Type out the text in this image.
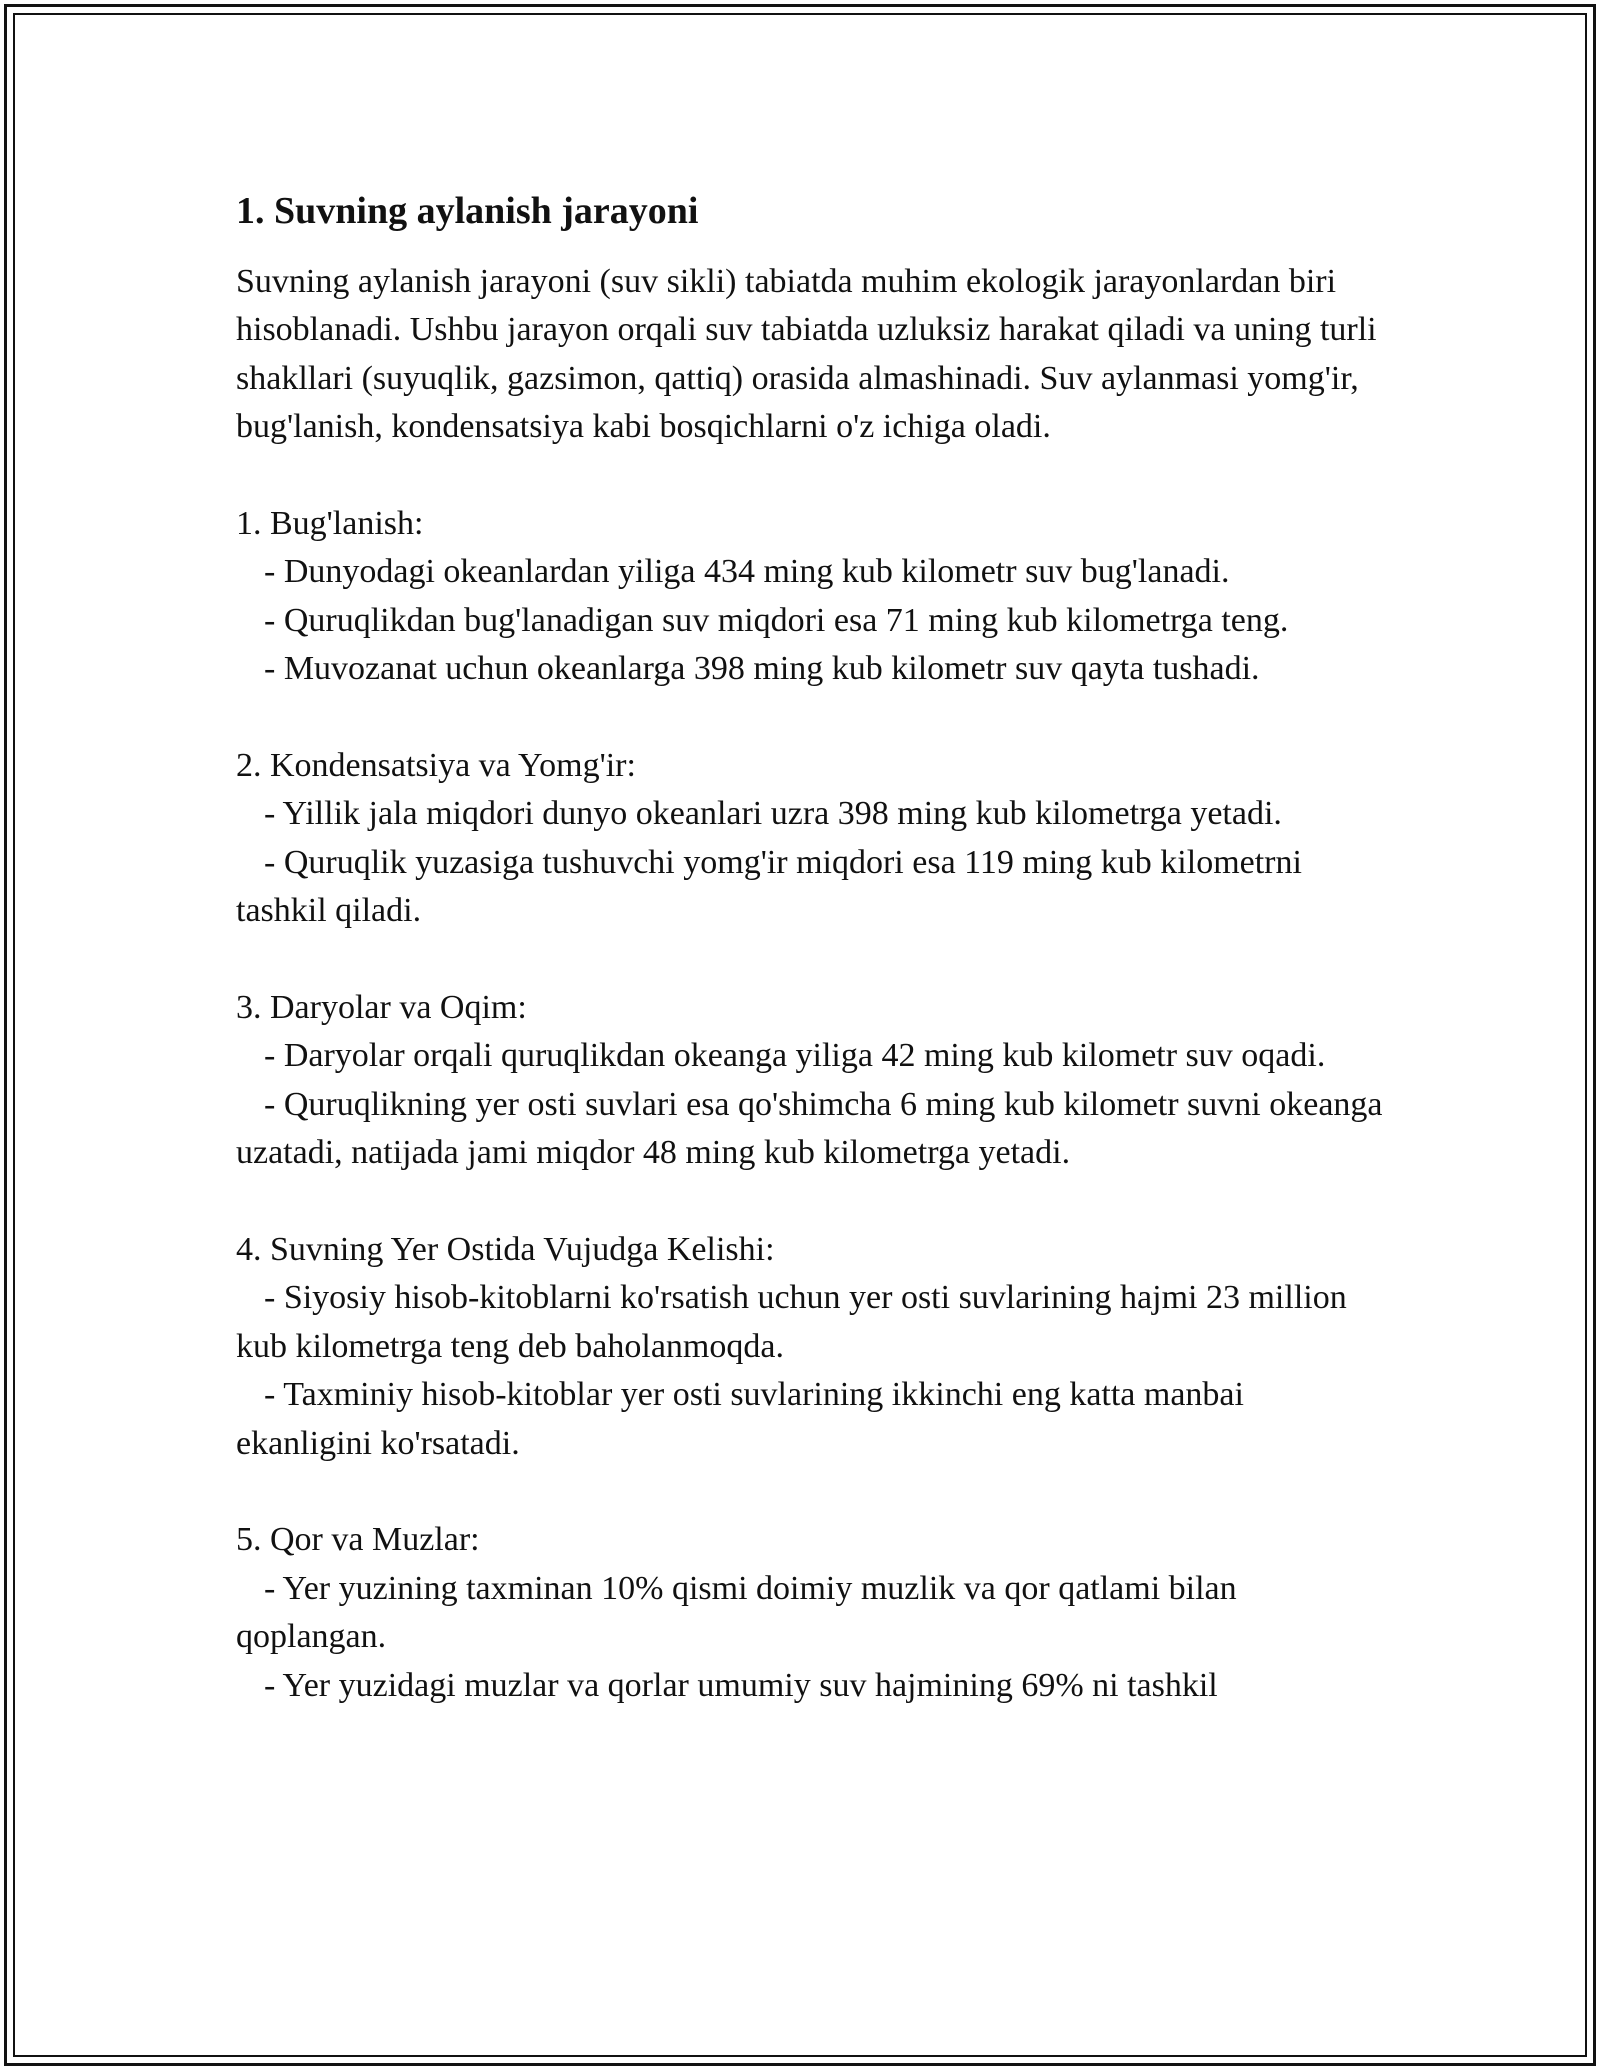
1. Suvning aylanish jarayoni

Suvning aylanish jarayoni (suv sikli) tabiatda muhim ekologik jarayonlardan biri hisoblanadi. Ushbu jarayon orqali suv tabiatda uzluksiz harakat qiladi va uning turli shakllari (suyuqlik, gazsimon, qattiq) orasida almashinadi. Suv aylanmasi yomg'ir, bug'lanish, kondensatsiya kabi bosqichlarni o'z ichiga oladi.

1. Bug'lanish:

- Dunyodagi okeanlardan yiliga 434 ming kub kilometr suv bug'lanadi.

- Quruqlikdan bug'lanadigan suv miqdori esa 71 ming kub kilometrga teng.

- Muvozanat uchun okeanlarga 398 ming kub kilometr suv qayta tushadi.

2. Kondensatsiya va Yomg'ir:

- Yillik jala miqdori dunyo okeanlari uzra 398 ming kub kilometrga yetadi.

- Quruqlik yuzasiga tushuvchi yomg'ir miqdori esa 119 ming kub kilometrni tashkil qiladi.

3. Daryolar va Oqim:

- Daryolar orqali quruqlikdan okeanga yiliga 42 ming kub kilometr suv oqadi.

- Quruqlikning yer osti suvlari esa qo'shimcha 6 ming kub kilometr suvni okeanga uzatadi, natijada jami miqdor 48 ming kub kilometrga yetadi.

4. Suvning Yer Ostida Vujudga Kelishi:

- Siyosiy hisob-kitoblarni ko'rsatish uchun yer osti suvlarining hajmi 23 million kub kilometrga teng deb baholanmoqda.

- Taxminiy hisob-kitoblar yer osti suvlarining ikkinchi eng katta manbai ekanligini ko'rsatadi.

5. Qor va Muzlar:

- Yer yuzining taxminan 10% qismi doimiy muzlik va qor qatlami bilan qoplangan.

- Yer yuzidagi muzlar va qorlar umumiy suv hajmining 69% ni tashkil
